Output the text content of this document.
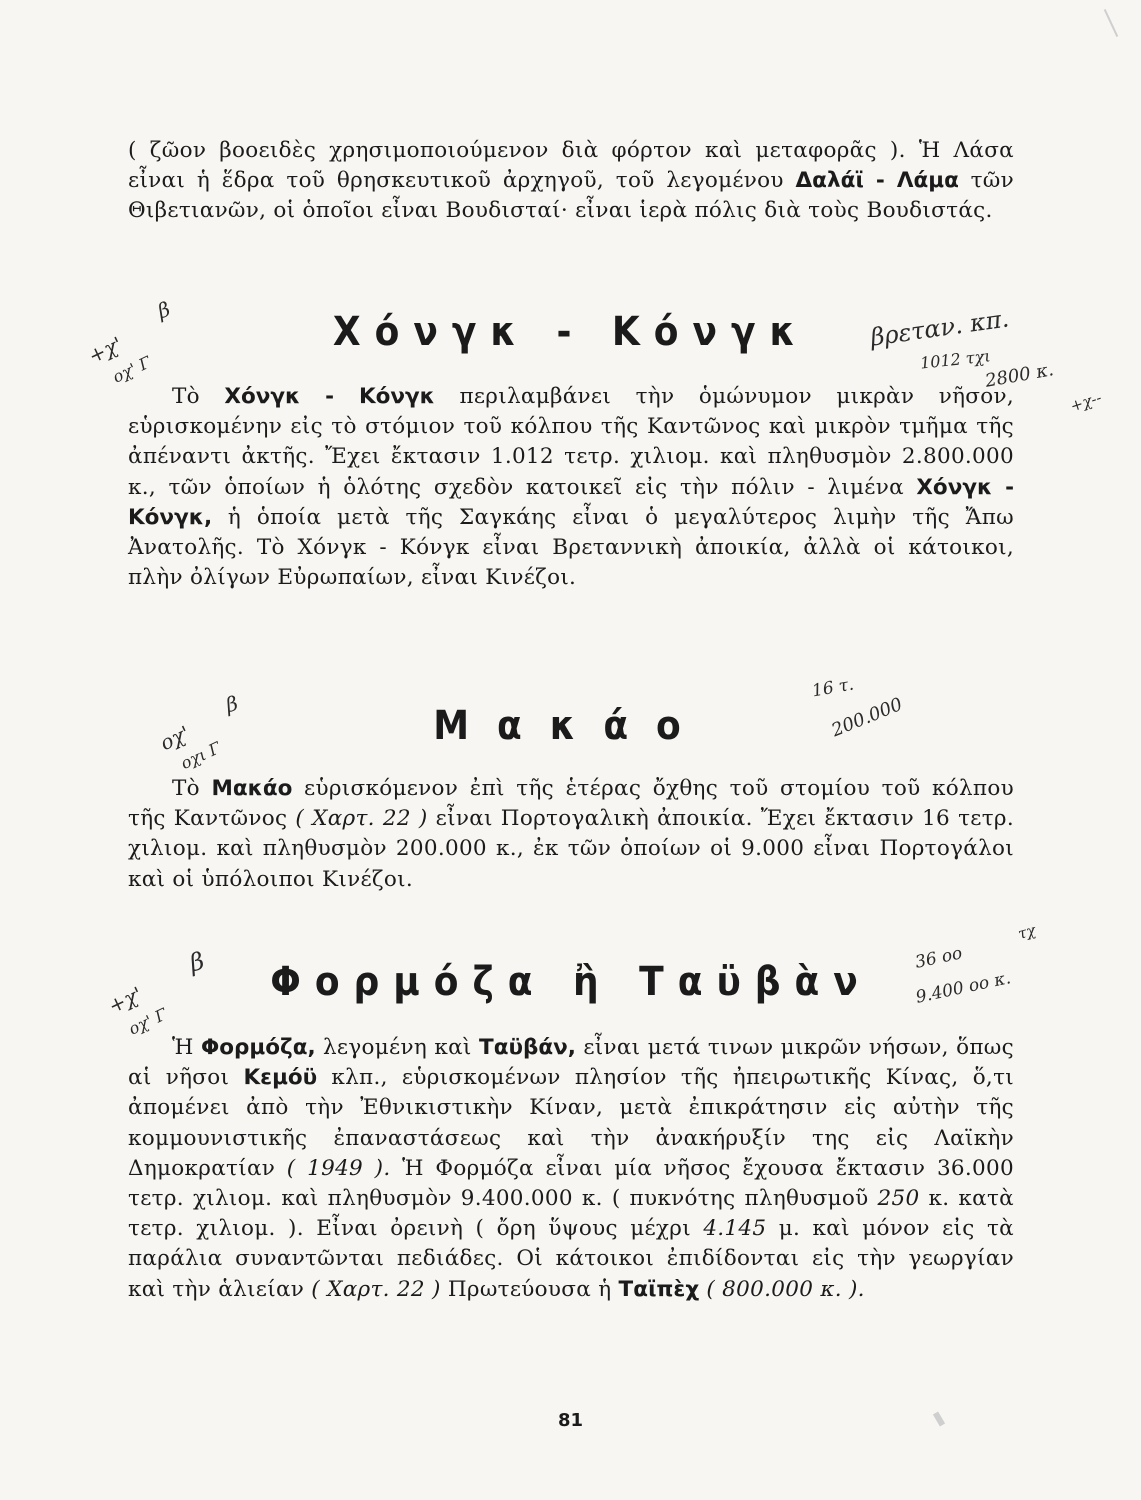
( ζῶον βοοειδὲς χρησιμοποιούμενον διὰ φόρτον καὶ μεταφορᾶς ). Ἡ Λάσα εἶναι ἡ ἕδρα τοῦ θρησκευτικοῦ ἀρχηγοῦ, τοῦ λεγομένου Δαλάϊ - Λάμα τῶν Θιβετιανῶν, οἱ ὁποῖοι εἶναι Βουδισταί· εἶναι ἱερὰ πόλις διὰ τοὺς Βουδιστάς.

Χόνγκ - Κόνγκ

Τὸ Χόνγκ - Κόνγκ περιλαμβάνει τὴν ὁμώνυμον μικρὰν νῆσον, εὑρισκομένην εἰς τὸ στόμιον τοῦ κόλπου τῆς Καντῶνος καὶ μικρὸν τμῆμα τῆς ἀπέναντι ἀκτῆς. Ἔχει ἔκτασιν 1.012 τετρ. χιλιομ. καὶ πληθυσμὸν 2.800.000 κ., τῶν ὁποίων ἡ ὁλότης σχεδὸν κατοικεῖ εἰς τὴν πόλιν - λιμένα Χόνγκ - Κόνγκ, ἡ ὁποία μετὰ τῆς Σαγκάης εἶναι ὁ μεγαλύτερος λιμὴν τῆς Ἄπω Ἀνατολῆς. Τὸ Χόνγκ - Κόνγκ εἶναι Βρεταννικὴ ἀποικία, ἀλλὰ οἱ κάτοικοι, πλὴν ὀλίγων Εὐρωπαίων, εἶναι Κινέζοι.

Μακάο

Τὸ Μακάο εὑρισκόμενον ἐπὶ τῆς ἑτέρας ὄχθης τοῦ στομίου τοῦ κόλπου τῆς Καντῶνος ( Χαρτ. 22 ) εἶναι Πορτογαλικὴ ἀποικία. Ἔχει ἔκτασιν 16 τετρ. χιλιομ. καὶ πληθυσμὸν 200.000 κ., ἐκ τῶν ὁποίων οἱ 9.000 εἶναι Πορτογάλοι καὶ οἱ ὑπόλοιποι Κινέζοι.

Φορμόζα ἢ Ταϋβὰν

Ἡ Φορμόζα, λεγομένη καὶ Ταϋβάν, εἶναι μετά τινων μικρῶν νήσων, ὅπως αἱ νῆσοι Κεμόϋ κλπ., εὑρισκομένων πλησίον τῆς ἠπειρωτικῆς Κίνας, ὅ,τι ἀπομένει ἀπὸ τὴν Ἐθνικιστικὴν Κίναν, μετὰ ἐπικράτησιν εἰς αὐτὴν τῆς κομμουνιστικῆς ἐπαναστάσεως καὶ τὴν ἀνακήρυξίν της εἰς Λαϊκὴν Δημοκρατίαν ( 1949 ). Ἡ Φορμόζα εἶναι μία νῆσος ἔχουσα ἔκτασιν 36.000 τετρ. χιλιομ. καὶ πληθυσμὸν 9.400.000 κ. ( πυκνότης πληθυσμοῦ 250 κ. κατὰ τετρ. χιλιομ. ). Εἶναι ὀρεινὴ ( ὄρη ὕψους μέχρι 4.145 μ. καὶ μόνον εἰς τὰ παράλια συναντῶνται πεδιάδες. Οἱ κάτοικοι ἐπιδίδονται εἰς τὴν γεωργίαν καὶ τὴν ἁλιείαν ( Χαρτ. 22 ) Πρωτεύουσα ἡ Ταϊπὲχ ( 800.000 κ. ).

81
β
+χ'
οχ' Γ
βρεταν. κπ.
1012 τχι
2800 κ.
+χ--
β
οχ'
οχι Γ
16 τ.
200.000
β
+χ'
οχ' Γ
36 οο
9.400 οο κ.
τχ
